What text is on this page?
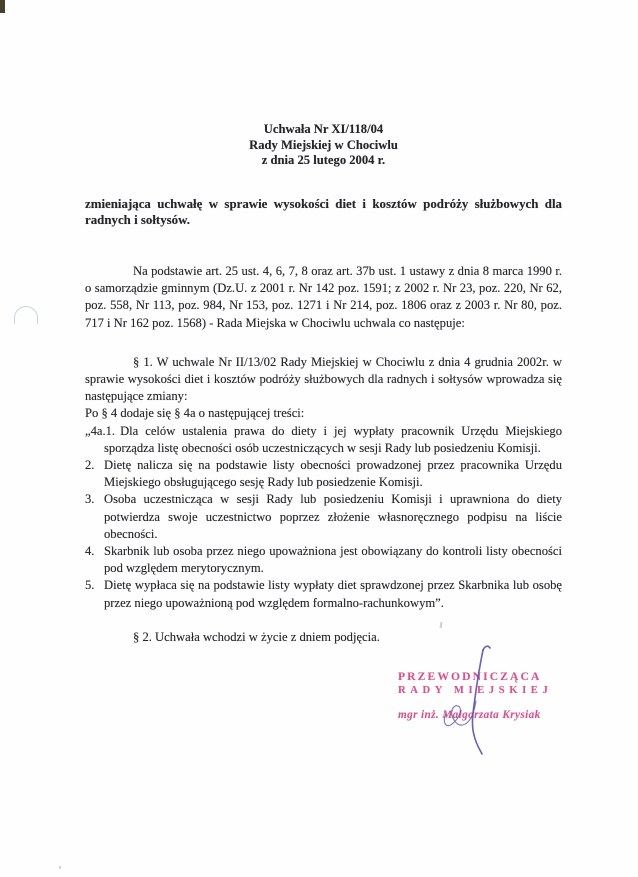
Uchwała Nr XI/118/04
Rady Miejskiej w Chociwlu
z dnia 25 lutego 2004 r.
zmieniająca uchwałę w sprawie wysokości diet i kosztów podróży służbowych dla radnych i sołtysów.

Na podstawie art. 25 ust. 4, 6, 7, 8 oraz art. 37b ust. 1 ustawy z dnia 8 marca 1990 r. o samorządzie gminnym (Dz.U. z 2001 r. Nr 142 poz. 1591; z 2002 r. Nr 23, poz. 220, Nr 62, poz. 558, Nr 113, poz. 984, Nr 153, poz. 1271 i Nr 214, poz. 1806 oraz z 2003 r. Nr 80, poz. 717 i Nr 162 poz. 1568) - Rada Miejska w Chociwlu uchwala co następuje:

§ 1. W uchwale Nr II/13/02 Rady Miejskiej w Chociwlu z dnia 4 grudnia 2002r. w sprawie wysokości diet i kosztów podróży służbowych dla radnych i sołtysów wprowadza się następujące zmiany:

Po § 4 dodaje się § 4a o następującej treści:

„4a.1. Dla celów ustalenia prawa do diety i jej wypłaty pracownik Urzędu Miejskiego sporządza listę obecności osób uczestniczących w sesji Rady lub posiedzeniu Komisji.
2. Dietę nalicza się na podstawie listy obecności prowadzonej przez pracownika Urzędu Miejskiego obsługującego sesję Rady lub posiedzenie Komisji.
3. Osoba uczestnicząca w sesji Rady lub posiedzeniu Komisji i uprawniona do diety potwierdza swoje uczestnictwo poprzez złożenie własnoręcznego podpisu na liście obecności.
4. Skarbnik lub osoba przez niego upoważniona jest obowiązany do kontroli listy obecności pod względem merytorycznym.
5. Dietę wypłaca się na podstawie listy wypłaty diet sprawdzonej przez Skarbnika lub osobę przez niego upoważnioną pod względem formalno-rachunkowym”.

§ 2. Uchwała wchodzi w życie z dniem podjęcia.

PRZEWODNICZĄCA
RADY MIEJSKIEJ
mgr inż. Małgorzata Krysiak
